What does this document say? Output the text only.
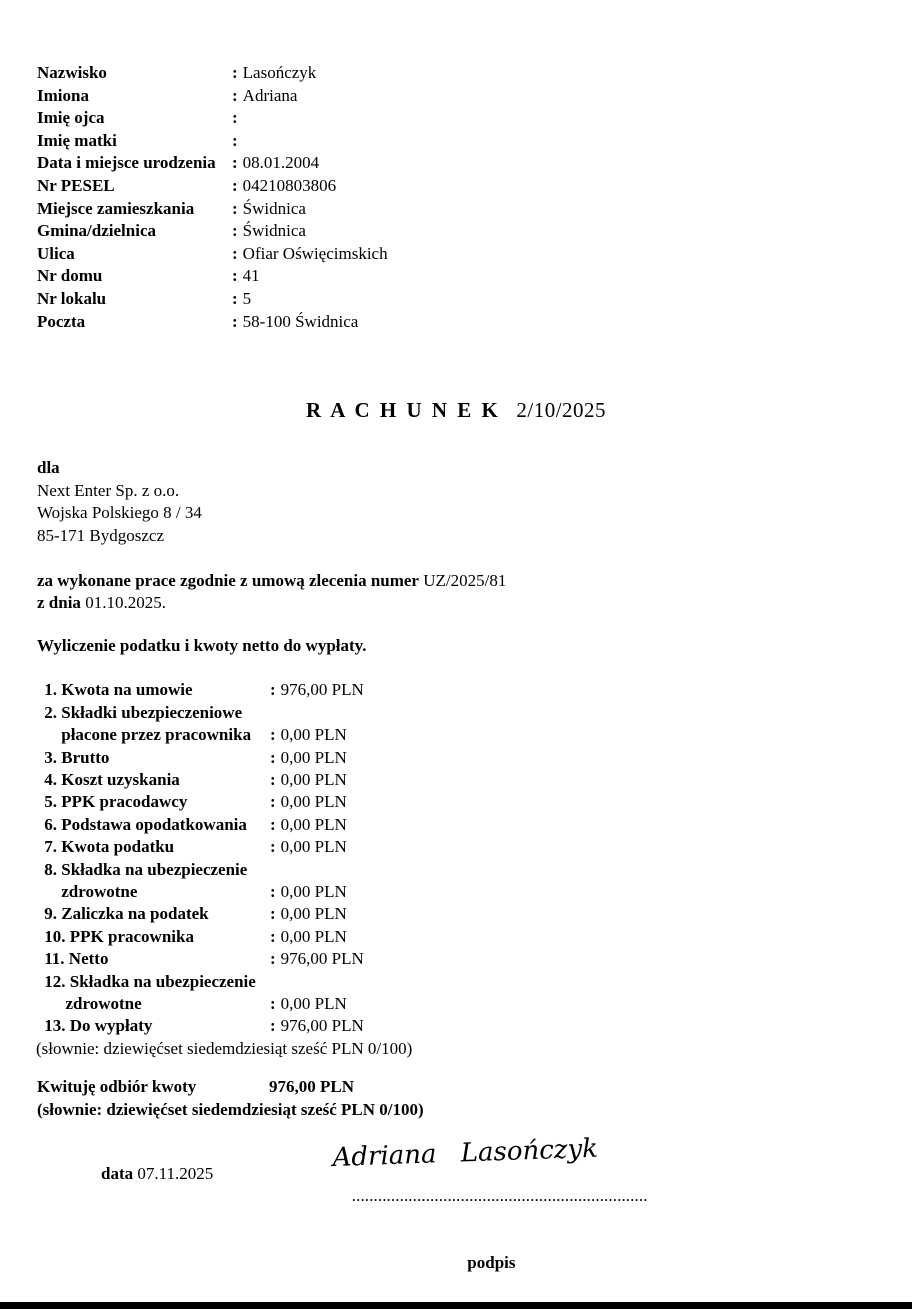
Nazwisko	: Lasończyk
Imiona	: Adriana
Imię ojca	:
Imię matki	:
Data i miejsce urodzenia : 08.01.2004
Nr PESEL	: 04210803806
Miejsce zamieszkania	: Świdnica
Gmina/dzielnica	: Świdnica
Ulica	: Ofiar Oświęcimskich
Nr domu	: 41
Nr lokalu	: 5
Poczta	: 58-100 Świdnica
R A C H U N E K 2/10/2025
dla
Next Enter Sp. z o.o.
Wojska Polskiego 8 / 34
85-171 Bydgoszcz
za wykonane prace zgodnie z umową zlecenia numer UZ/2025/81
z dnia 01.10.2025.
Wyliczenie podatku i kwoty netto do wypłaty.
1. Kwota na umowie	: 976,00 PLN
2. Składki ubezpieczeniowe
płacone przez pracownika	: 0,00 PLN
3. Brutto	: 0,00 PLN
4. Koszt uzyskania	: 0,00 PLN
5. PPK pracodawcy	: 0,00 PLN
6. Podstawa opodatkowania	: 0,00 PLN
7. Kwota podatku	: 0,00 PLN
8. Składka na ubezpieczenie
zdrowotne	: 0,00 PLN
9. Zaliczka na podatek	: 0,00 PLN
10. PPK pracownika	: 0,00 PLN
11. Netto	: 976,00 PLN
12. Składka na ubezpieczenie
zdrowotne	: 0,00 PLN
13. Do wypłaty	: 976,00 PLN
(słownie: dziewięćset siedemdziesiąt sześć PLN 0/100)
Kwituję odbiór kwoty	976,00 PLN
(słownie: dziewięćset siedemdziesiąt sześć PLN 0/100)
data 07.11.2025

....................................................................

Adriana Lasończyk

podpis
